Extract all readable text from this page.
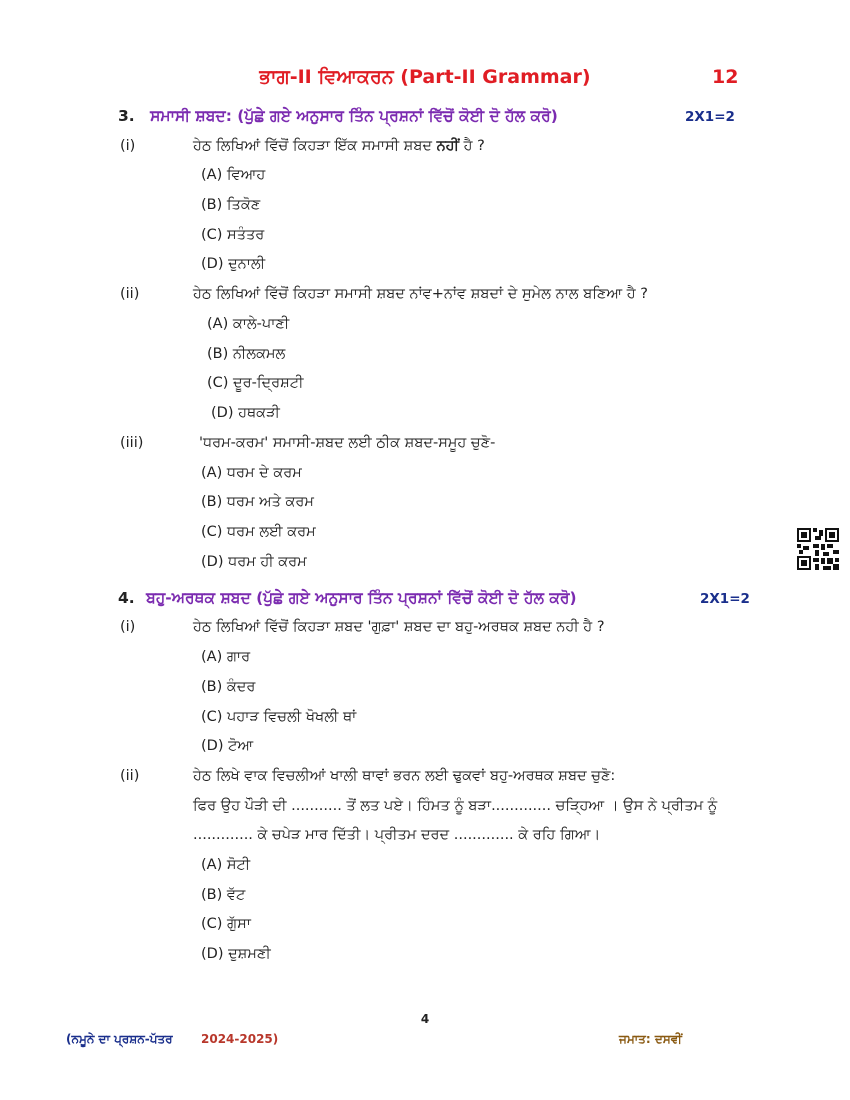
ਭਾਗ-II ਵਿਆਕਰਨ (Part-II Grammar)	12
3. ਸਮਾਸੀ ਸ਼ਬਦ: (ਪੁੱਛੇ ਗਏ ਅਨੁਸਾਰ ਤਿੰਨ ਪ੍ਰਸ਼ਨਾਂ ਵਿੱਚੋਂ ਕੋਈ ਦੋ ਹੱਲ ਕਰੋ)	2X1=2
(i)	ਹੇਠ ਲਿਖਿਆਂ ਵਿੱਚੋਂ ਕਿਹੜਾ ਇੱਕ ਸਮਾਸੀ ਸ਼ਬਦ ਨਹੀਂ ਹੈ ?
(A) ਵਿਆਹ
(B) ਤਿਕੋਣ
(C) ਸਤੰਤਰ
(D) ਦੁਨਾਲੀ
(ii)	ਹੇਠ ਲਿਖਿਆਂ ਵਿੱਚੋਂ ਕਿਹੜਾ ਸਮਾਸੀ ਸ਼ਬਦ ਨਾਂਵ+ਨਾਂਵ ਸ਼ਬਦਾਂ ਦੇ ਸੁਮੇਲ ਨਾਲ ਬਣਿਆ ਹੈ ?
(A) ਕਾਲੇ-ਪਾਣੀ
(B) ਨੀਲਕਮਲ
(C) ਦੂਰ-ਦ੍ਰਿਸ਼ਟੀ
(D) ਹਥਕੜੀ
(iii)	'ਧਰਮ-ਕਰਮ' ਸਮਾਸੀ-ਸ਼ਬਦ ਲਈ ਠੀਕ ਸ਼ਬਦ-ਸਮੂਹ ਚੁਣੋ-
(A) ਧਰਮ ਦੇ ਕਰਮ
(B) ਧਰਮ ਅਤੇ ਕਰਮ
(C) ਧਰਮ ਲਈ ਕਰਮ
(D) ਧਰਮ ਹੀ ਕਰਮ
4. ਬਹੁ-ਅਰਥਕ ਸ਼ਬਦ (ਪੁੱਛੇ ਗਏ ਅਨੁਸਾਰ ਤਿੰਨ ਪ੍ਰਸ਼ਨਾਂ ਵਿੱਚੋਂ ਕੋਈ ਦੋ ਹੱਲ ਕਰੋ)	2X1=2
(i)	ਹੇਠ ਲਿਖਿਆਂ ਵਿੱਚੋਂ ਕਿਹੜਾ ਸ਼ਬਦ 'ਗੁਫ਼ਾ' ਸ਼ਬਦ ਦਾ ਬਹੁ-ਅਰਥਕ ਸ਼ਬਦ ਨਹੀ ਹੈ ?
(A) ਗਾਰ
(B) ਕੰਦਰ
(C) ਪਹਾੜ ਵਿਚਲੀ ਖੋਖਲੀ ਥਾਂ
(D) ਟੋਆ
(ii)	ਹੇਠ ਲਿਖੇ ਵਾਕ ਵਿਚਲੀਆਂ ਖਾਲੀ ਥਾਵਾਂ ਭਰਨ ਲਈ ਢੁਕਵਾਂ ਬਹੁ-ਅਰਥਕ ਸ਼ਬਦ ਚੁਣੋ:
ਫਿਰ ਉਹ ਪੌੜੀ ਦੀ ........... ਤੋਂ ਲਤ ਪਏ। ਹਿੰਮਤ ਨੂੰ ਬੜਾ............. ਚੜ੍ਹਿਆ । ਉਸ ਨੇ ਪ੍ਰੀਤਮ ਨੂੰ
............. ਕੇ ਚਪੇੜ ਮਾਰ ਦਿੱਤੀ। ਪ੍ਰੀਤਮ ਦਰਦ ............. ਕੇ ਰਹਿ ਗਿਆ।
(A) ਸੋਟੀ
(B) ਵੱਟ
(C) ਗੁੱਸਾ
(D) ਦੁਸ਼ਮਣੀ
4
(ਨਮੂਨੇ ਦਾ ਪ੍ਰਸ਼ਨ-ਪੱਤਰ 2024-2025)	ਜਮਾਤ: ਦਸਵੀਂ
